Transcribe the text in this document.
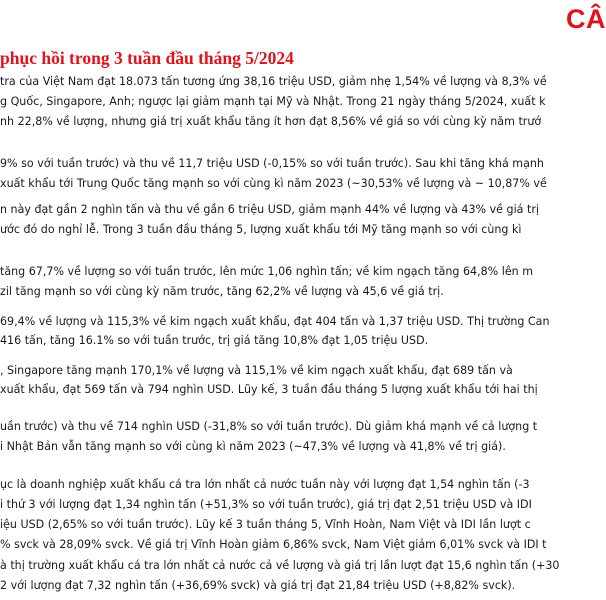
CÂ
phục hồi trong 3 tuần đầu tháng 5/2024
tra của Việt Nam đạt 18.073 tấn tương ứng 38,16 triệu USD, giảm nhẹ 1,54% về lượng và 8,3% về
g Quốc, Singapore, Anh; ngược lại giảm mạnh tại Mỹ và Nhật. Trong 21 ngày tháng 5/2024, xuất k
nh 22,8% về lượng, nhưng giá trị xuất khẩu tăng ít hơn đạt 8,56% về giá so với cùng kỳ năm trướ
9% so với tuần trước) và thu về 11,7 triệu USD (-0,15% so với tuần trước). Sau khi tăng khá mạnh
xuất khẩu tới Trung Quốc tăng mạnh so với cùng kì năm 2023 (~30,53% về lượng và ~ 10,87% về
n này đạt gần 2 nghìn tấn và thu về gần 6 triệu USD, giảm mạnh 44% về lượng và 43% về giá trị
ước đó do nghỉ lễ. Trong 3 tuần đầu tháng 5, lượng xuất khẩu tới Mỹ tăng mạnh so với cùng kì
tăng 67,7% về lượng so với tuần trước, lên mức 1,06 nghìn tấn; về kim ngạch tăng 64,8% lên m
zil tăng mạnh so với cùng kỳ năm trước, tăng 62,2% về lượng và 45,6 về giá trị.
69,4% về lượng và 115,3% về kim ngạch xuất khẩu, đạt 404 tấn và 1,37 triệu USD. Thị trường Can
416 tấn, tăng 16.1% so với tuần trước, trị giá tăng 10,8% đạt 1,05 triệu USD.
, Singapore tăng mạnh 170,1% về lượng và 115,1% về kim ngạch xuất khẩu, đạt 689 tấn và
xuất khẩu, đạt 569 tấn và 794 nghìn USD. Lũy kế, 3 tuần đầu tháng 5 lượng xuất khẩu tới hai thị
uần trước) và thu về 714 nghìn USD (-31,8% so với tuần trước). Dù giảm khá mạnh về cả lượng t
i Nhật Bản vẫn tăng mạnh so với cùng kì năm 2023 (~47,3% về lượng và 41,8% về trị giá).
ục là doanh nghiệp xuất khẩu cá tra lớn nhất cả nước tuần này với lượng đạt 1,54 nghìn tấn (-3
i thứ 3 với lượng đạt 1,34 nghìn tấn (+51,3% so với tuần trước), giá trị đạt 2,51 triệu USD và IDI
iệu USD (2,65% so với tuần trước). Lũy kế 3 tuần tháng 5, Vĩnh Hoàn, Nam Việt và IDI lần lượt c
% svck và 28,09% svck. Về giá trị Vĩnh Hoàn giảm 6,86% svck, Nam Việt giảm 6,01% svck và IDI t
à thị trường xuất khẩu cá tra lớn nhất cả nước cả về lượng và giá trị lần lượt đạt 15,6 nghìn tấn (+30
2 với lượng đạt 7,32 nghìn tấn (+36,69% svck) và giá trị đạt 21,84 triệu USD (+8,82% svck).
